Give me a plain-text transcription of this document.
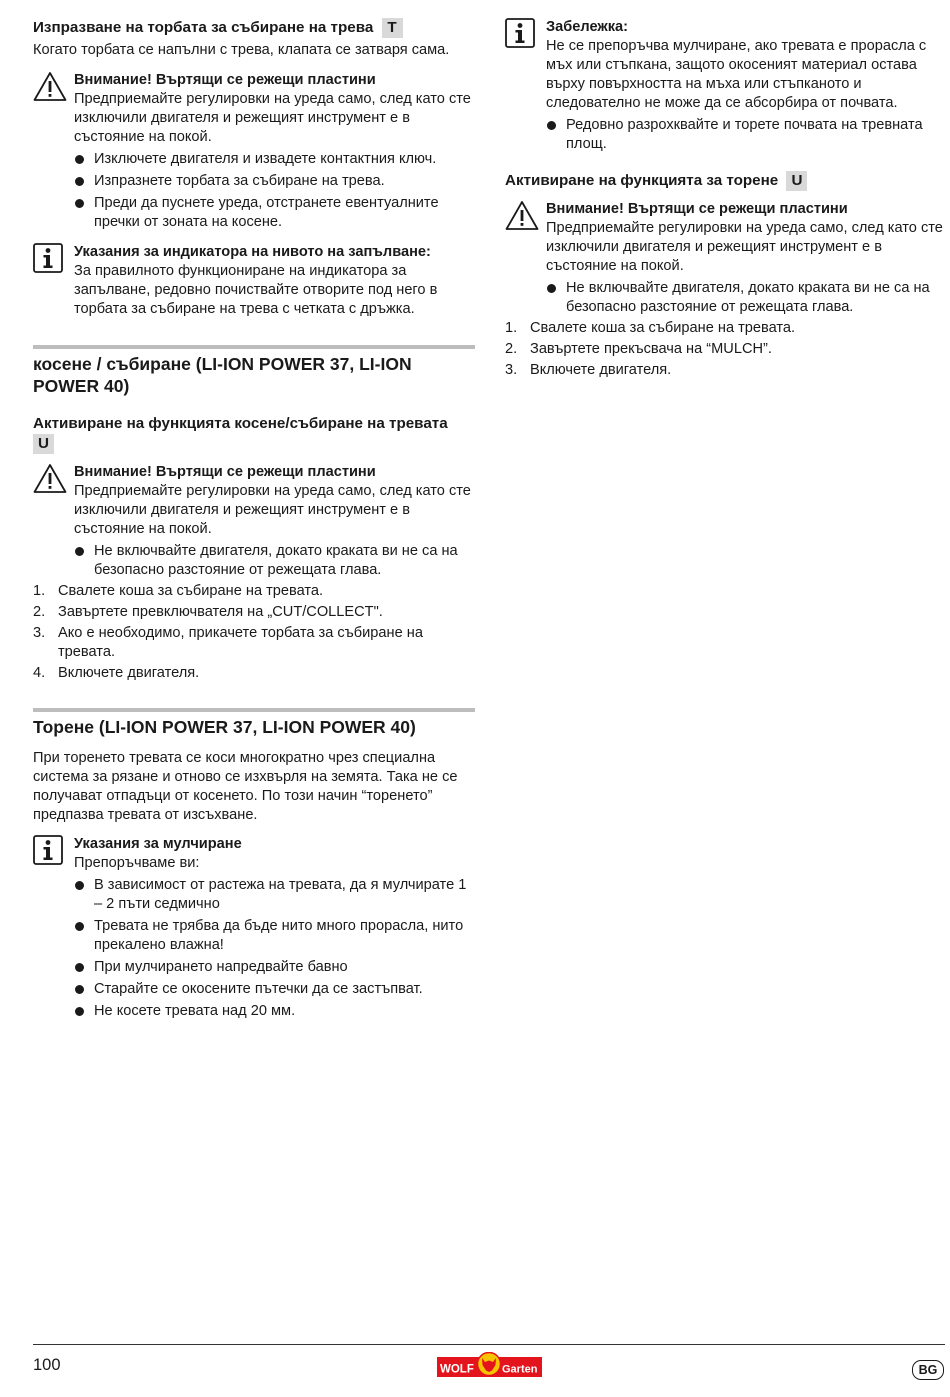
Изпразване на торбата за събиране на трева T

Когато торбата се напълни с трева, клапата се затваря сама.

Внимание! Въртящи се режещи пластини

Предприемайте регулировки на уреда само, след като сте изключили двигателя и режещият инструмент е в състояние на покой.

Изключете двигателя и извадете контактния ключ.
Изпразнете торбата за събиране на трева.
Преди да пуснете уреда, отстранете евентуалните пречки от зоната на косене.

Указания за индикатора на нивото на запълване:

За правилното функциониране на индикатора за запълване, редовно почиствайте отворите под него в торбата за събиране на трева с четката с дръжка.

косене / събиране (LI-ION POWER 37, LI-ION POWER 40)

Активиране на функцията косене/събиране на тревата
U

Внимание! Въртящи се режещи пластини

Предприемайте регулировки на уреда само, след като сте изключили двигателя и режещият инструмент е в състояние на покой.

Не включвайте двигателя, докато краката ви не са на безопасно разстояние от режещата глава.
1. Свалете коша за събиране на тревата.
2. Завъртете превключвателя на „CUT/COLLECT".
3. Ако е необходимо, прикачете торбата за събиране на тревата.
4. Включете двигателя.

Торене (LI-ION POWER 37, LI-ION POWER 40)

При торенето тревата се коси многократно чрез специална система за рязане и отново се изхвърля на земята. Така не се получават отпадъци от косенето. По този начин “торенето” предпазва тревата от изсъхване.

Указания за мулчиране

Препоръчваме ви:

В зависимост от растежа на тревата, да я мулчирате 1 – 2 пъти седмично
Тревата не трябва да бъде нито много прорасла, нито прекалено влажна!
При мулчирането напредвайте бавно
Старайте се окосените пътечки да се застъпват.
Не косете тревата над 20 мм.

Забележка:

Не се препоръчва мулчиране, ако тревата е прорасла с мъх или стъпкана, защото окосеният материал остава върху повърхността на мъха или стъпканото и следователно не може да се абсорбира от почвата.

Редовно разрохквайте и торете почвата на тревната площ.

Активиране на функцията за торене U

Внимание! Въртящи се режещи пластини

Предприемайте регулировки на уреда само, след като сте изключили двигателя и режещият инструмент е в състояние на покой.

Не включвайте двигателя, докато краката ви не са на безопасно разстояние от режещата глава.
1. Свалете коша за събиране на тревата.
2. Завъртете прекъсвача на “MULCH”.
3. Включете двигателя.
100	WOLF	Garten	BG
